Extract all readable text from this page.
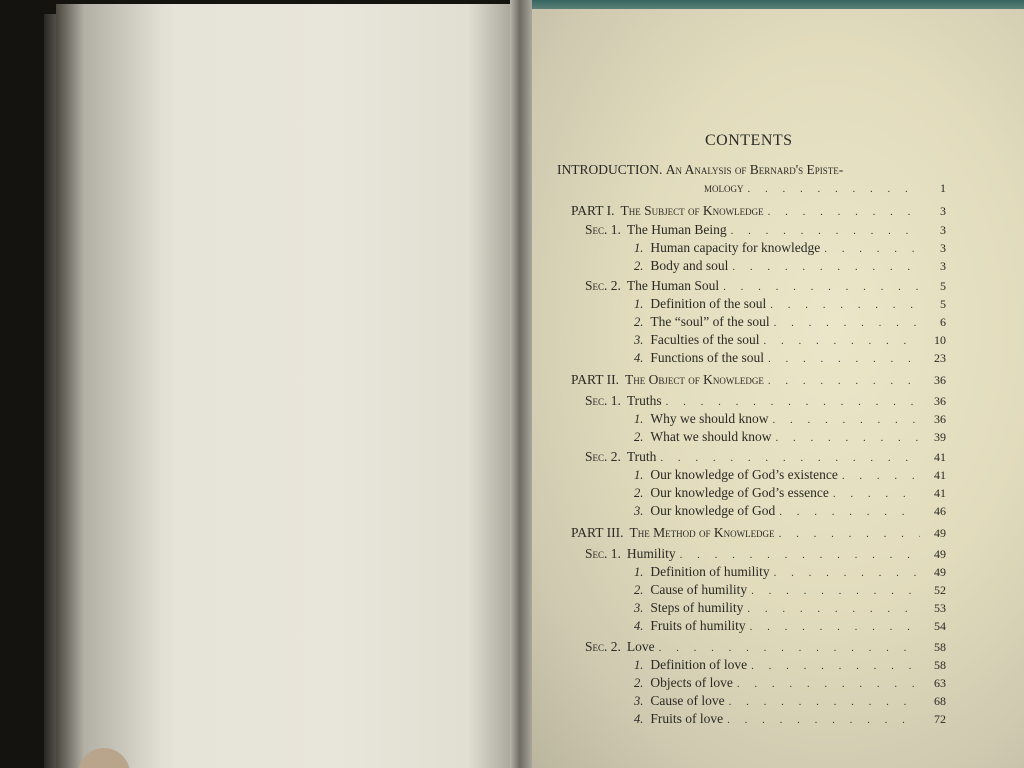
CONTENTS
INTRODUCTION. An Analysis of Bernard's Episte-
mology . . .	1
PART I. The Subject of Knowledge . . .	3
Sec. 1. The Human Being . . .	3
1. Human capacity for knowledge . . .	3
2. Body and soul . . .	3
Sec. 2. The Human Soul . . .	5
1. Definition of the soul . . .	5
2. The “soul” of the soul . . .	6
3. Faculties of the soul . . .	10
4. Functions of the soul . . .	23
PART II. The Object of Knowledge . . .	36
Sec. 1. Truths . . .	36
1. Why we should know . . .	36
2. What we should know . . .	39
Sec. 2. Truth . . .	41
1. Our knowledge of God’s existence . . .	41
2. Our knowledge of God’s essence . . .	41
3. Our knowledge of God . . .	46
PART III. The Method of Knowledge . . .	49
Sec. 1. Humility . . .	49
1. Definition of humility . . .	49
2. Cause of humility . . .	52
3. Steps of humility . . .	53
4. Fruits of humility . . .	54
Sec. 2. Love . . .	58
1. Definition of love . . .	58
2. Objects of love . . .	63
3. Cause of love . . .	68
4. Fruits of love . . .	72
